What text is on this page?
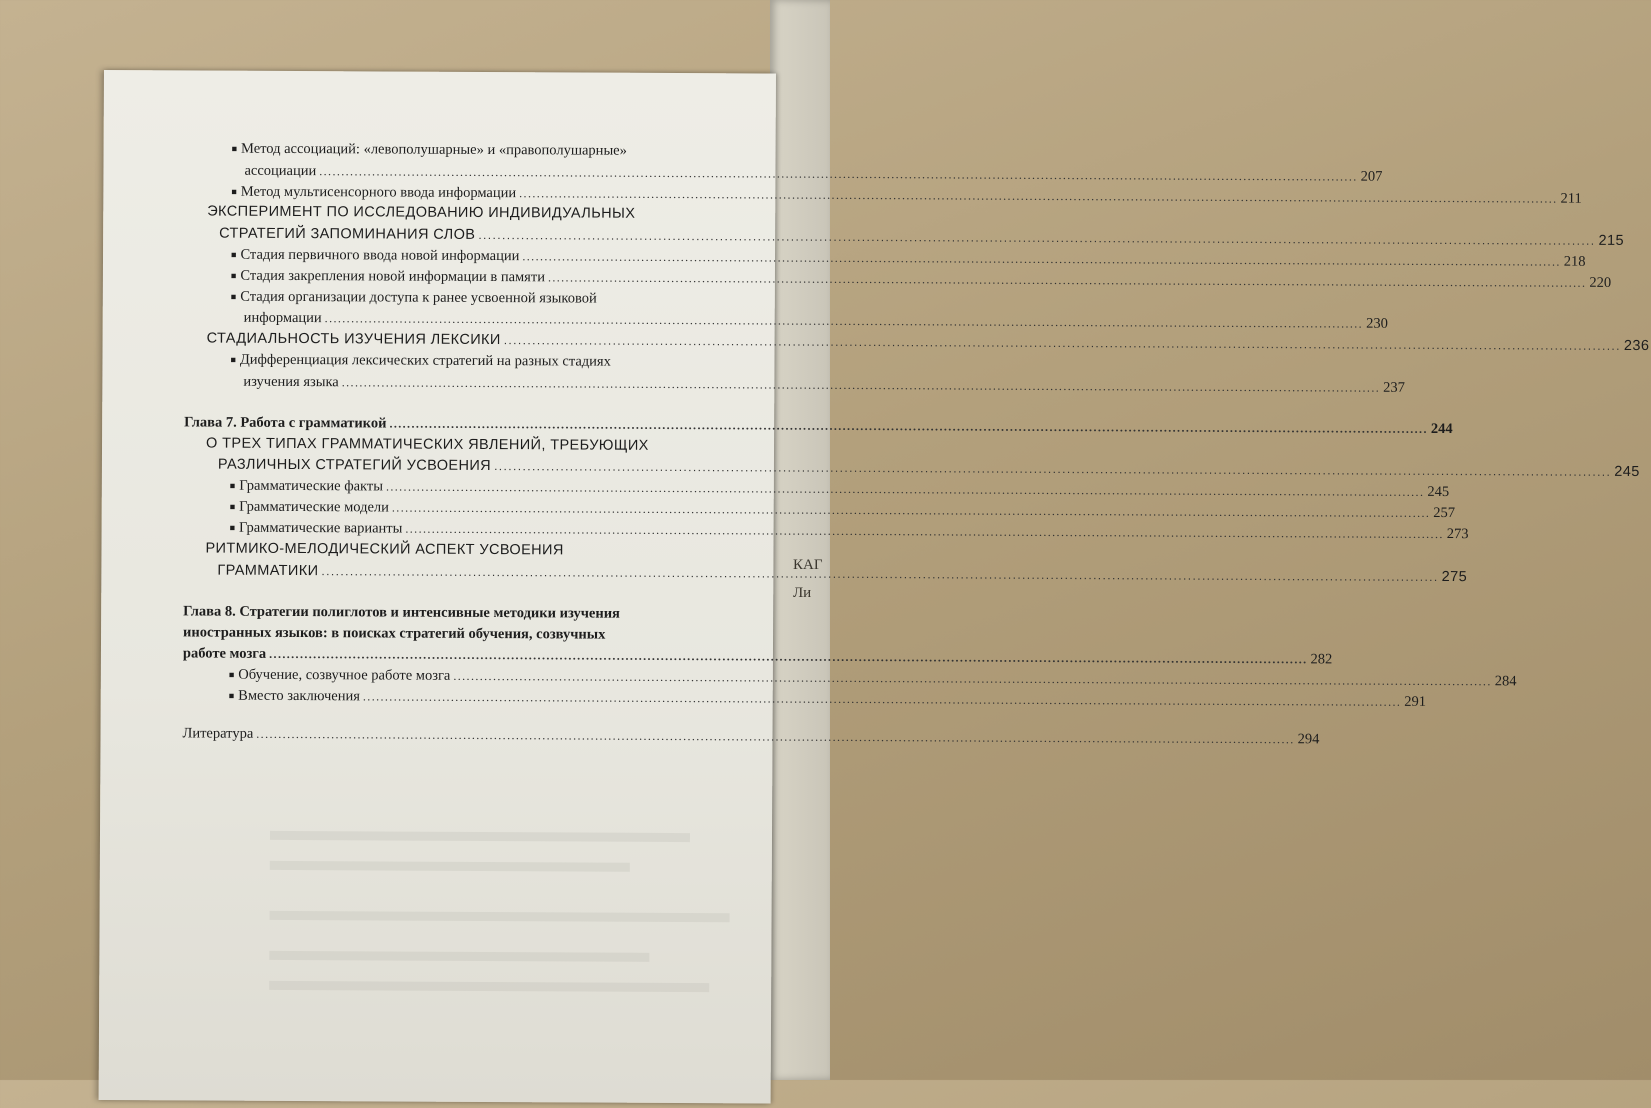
КАГ
Ли
■ Метод ассоциаций: «левополушарные» и «правополушарные»
ассоциации .....	207
■ Метод мультисенсорного ввода информации .....	211
ЭКСПЕРИМЕНТ ПО ИССЛЕДОВАНИЮ ИНДИВИДУАЛЬНЫХ
СТРАТЕГИЙ ЗАПОМИНАНИЯ СЛОВ .....	215
■ Стадия первичного ввода новой информации .....	218
■ Стадия закрепления новой информации в памяти .....	220
■ Стадия организации доступа к ранее усвоенной языковой
информации .....	230
СТАДИАЛЬНОСТЬ ИЗУЧЕНИЯ ЛЕКСИКИ .....	236
■ Дифференциация лексических стратегий на разных стадиях
изучения языка .....	237
Глава 7. Работа с грамматикой .....	244
О ТРЕХ ТИПАХ ГРАММАТИЧЕСКИХ ЯВЛЕНИЙ, ТРЕБУЮЩИХ
РАЗЛИЧНЫХ СТРАТЕГИЙ УСВОЕНИЯ .....	245
■ Грамматические факты .....	245
■ Грамматические модели .....	257
■ Грамматические варианты .....	273
РИТМИКО-МЕЛОДИЧЕСКИЙ АСПЕКТ УСВОЕНИЯ
ГРАММАТИКИ .....	275
Глава 8. Стратегии полиглотов и интенсивные методики изучения
иностранных языков: в поисках стратегий обучения, созвучных
работе мозга .....	282
■ Обучение, созвучное работе мозга .....	284
■ Вместо заключения .....	291
Литература .....	294
